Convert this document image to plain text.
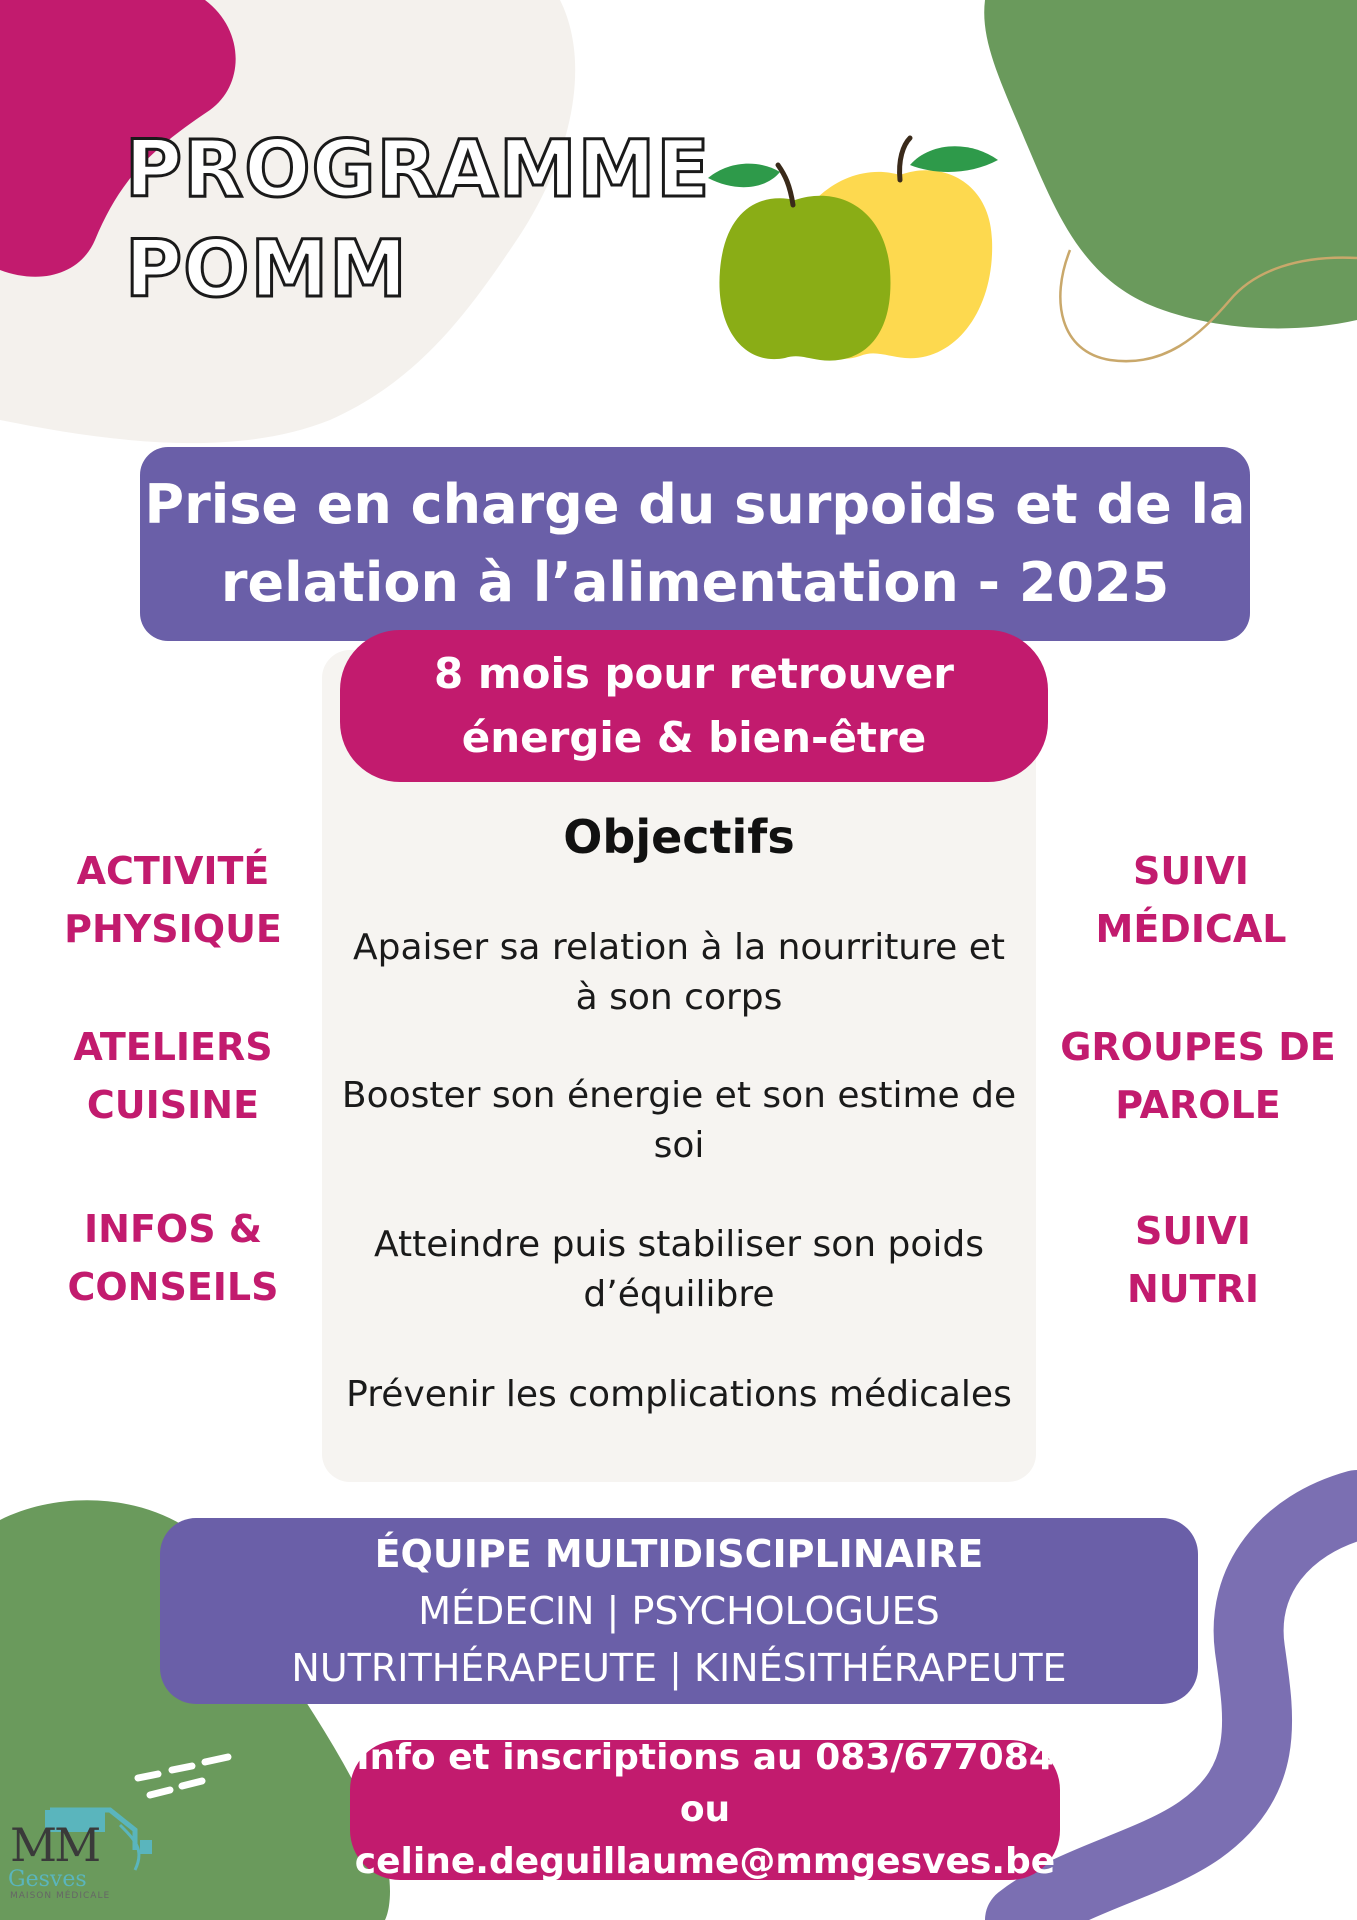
PROGRAMME
POMM
Prise en charge du surpoids et de la
relation à l’alimentation - 2025
8 mois pour retrouver
énergie & bien-être
Objectifs
Apaiser sa relation à la nourriture et
à son corps
Booster son énergie et son estime de
soi
Atteindre puis stabiliser son poids
d’équilibre
Prévenir les complications médicales
ACTIVITÉ
PHYSIQUE
ATELIERS
CUISINE
INFOS &
CONSEILS
SUIVI
MÉDICAL
GROUPES DE
PAROLE
SUIVI
NUTRI
ÉQUIPE MULTIDISCIPLINAIRE
MÉDECIN | PSYCHOLOGUES
NUTRITHÉRAPEUTE | KINÉSITHÉRAPEUTE
Info et inscriptions au 083/677084 ou
celine.deguillaume@mmgesves.be
MM
Gesves
MAISON MÉDICALE
